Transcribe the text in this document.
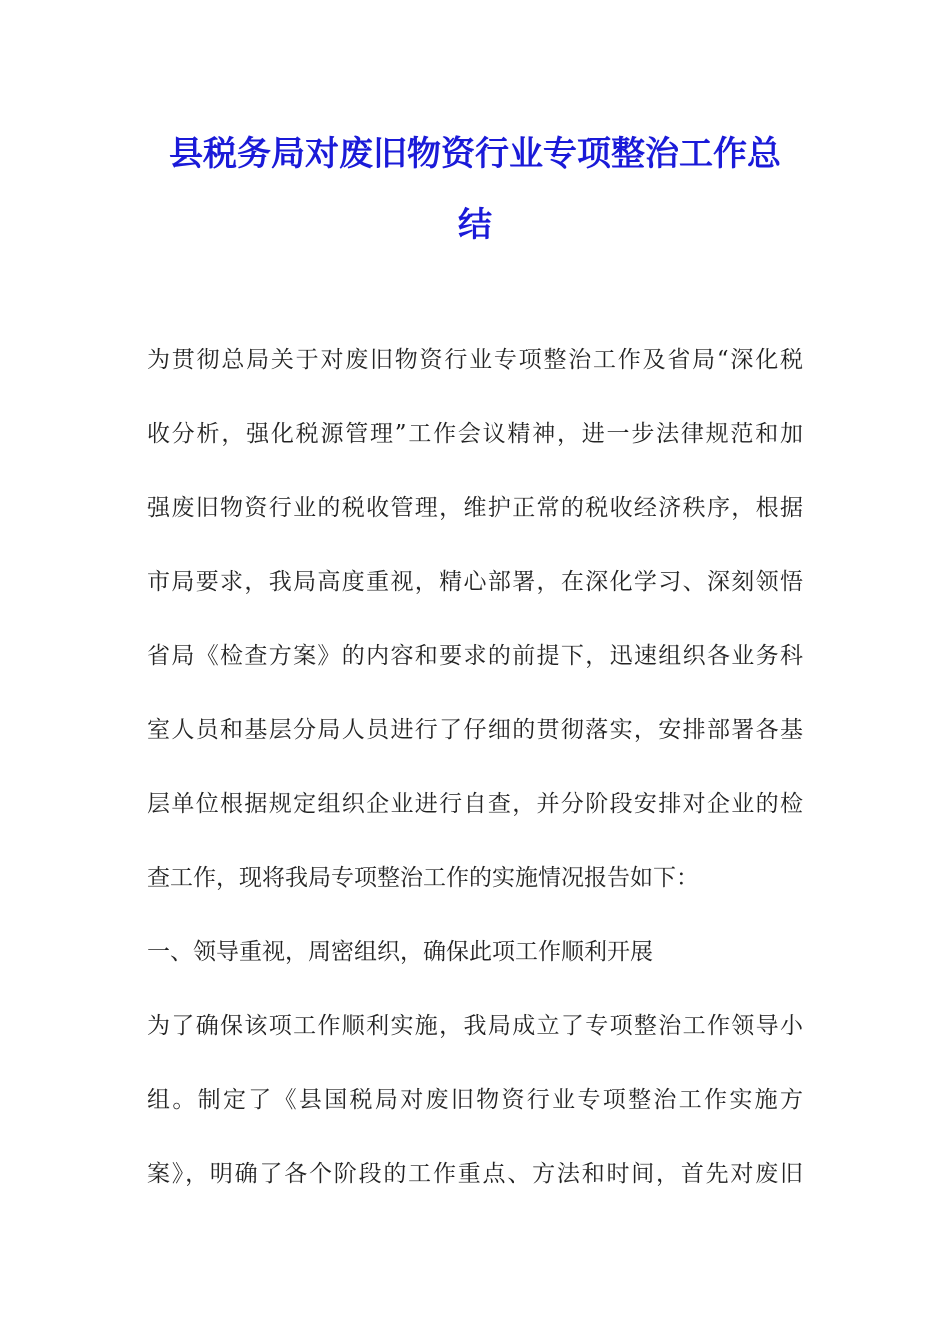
县税务局对废旧物资行业专项整治工作总
结

为贯彻总局关于对废旧物资行业专项整治工作及省局“深化税

收分析，强化税源管理”工作会议精神，进一步法律规范和加

强废旧物资行业的税收管理，维护正常的税收经济秩序，根据

市局要求，我局高度重视，精心部署，在深化学习、深刻领悟

省局《检查方案》的内容和要求的前提下，迅速组织各业务科

室人员和基层分局人员进行了仔细的贯彻落实，安排部署各基

层单位根据规定组织企业进行自查，并分阶段安排对企业的检

查工作，现将我局专项整治工作的实施情况报告如下：

一、领导重视，周密组织，确保此项工作顺利开展

为了确保该项工作顺利实施，我局成立了专项整治工作领导小

组。制定了《县国税局对废旧物资行业专项整治工作实施方

案》，明确了各个阶段的工作重点、方法和时间，首先对废旧
